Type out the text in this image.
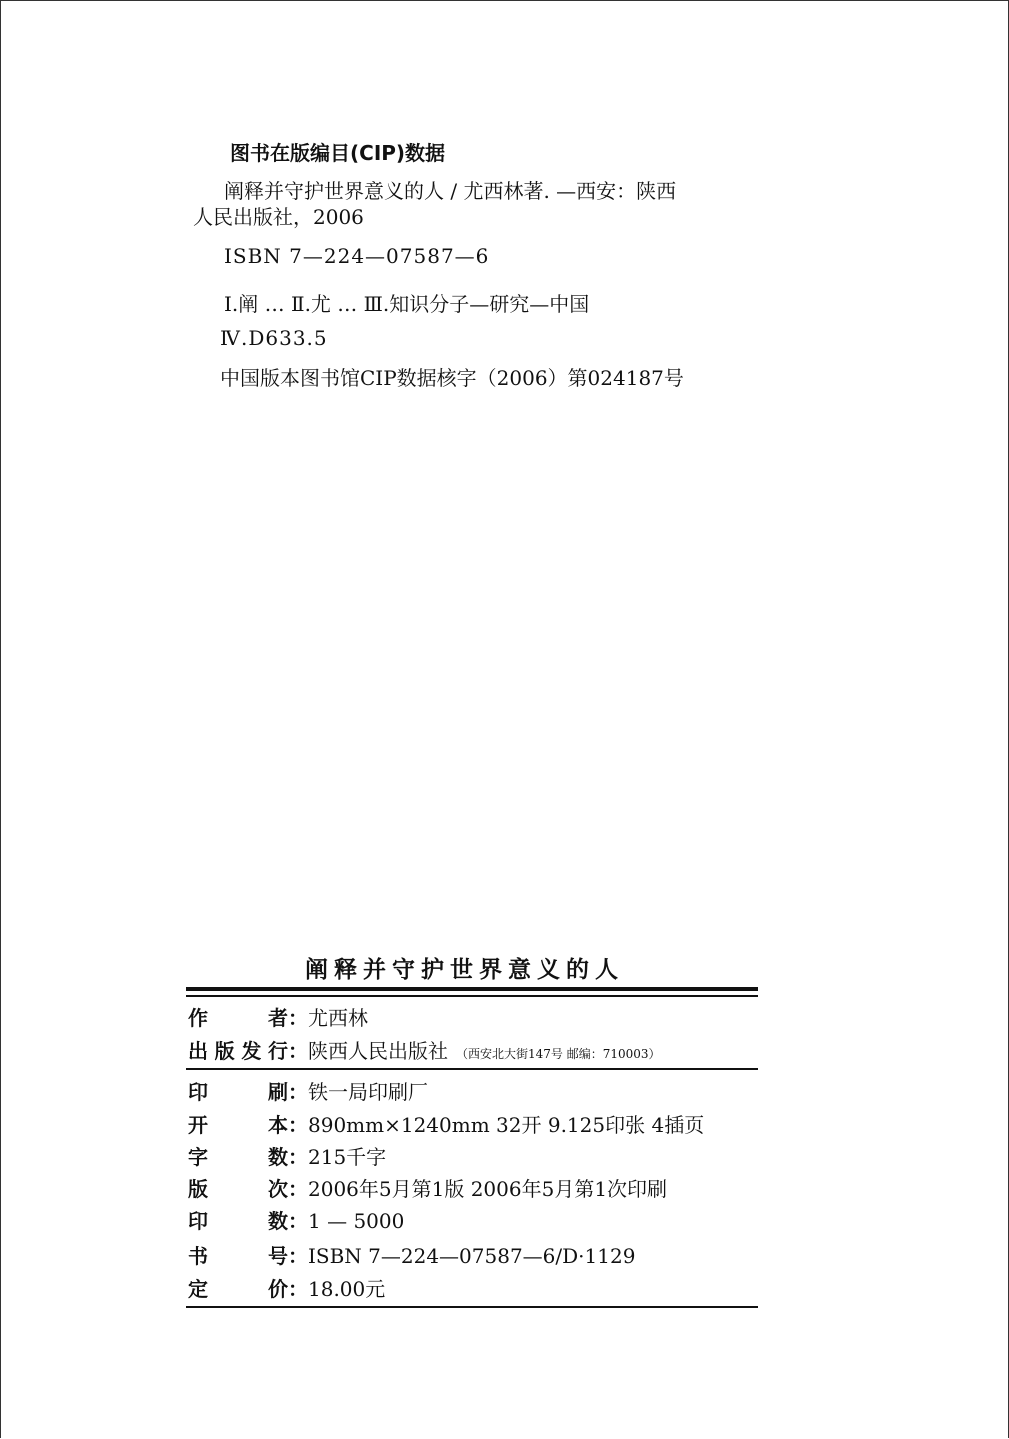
图书在版编目(CIP)数据
阐释并守护世界意义的人 / 尤西林著. —西安：陕西
人民出版社，2006
ISBN 7—224—07587—6
Ⅰ.阐 … Ⅱ.尤 … Ⅲ.知识分子—研究—中国
Ⅳ.D633.5
中国版本图书馆CIP数据核字（2006）第024187号
阐释并守护世界意义的人
作者：尤西林
出版发行：陕西人民出版社 （西安北大街147号 邮编：710003）
印刷：铁一局印刷厂
开本：890mm×1240mm 32开 9.125印张 4插页
字数：215千字
版次：2006年5月第1版 2006年5月第1次印刷
印数：1 — 5000
书号：ISBN 7—224—07587—6/D·1129
定价：18.00元
